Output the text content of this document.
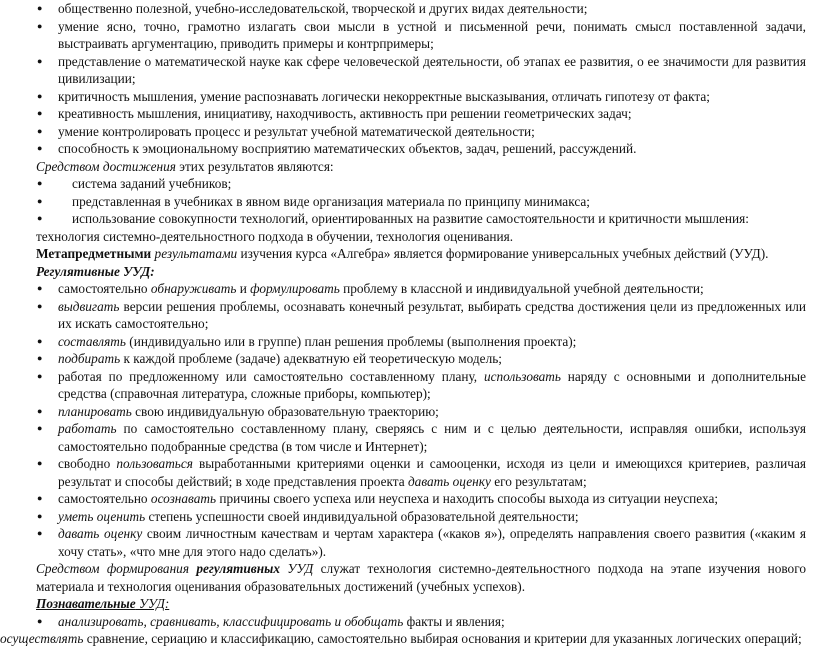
● общественно полезной, учебно-исследовательской, творческой и других видах деятельности;
● умение ясно, точно, грамотно излагать свои мысли в устной и письменной речи, понимать смысл поставленной задачи, выстраивать аргументацию, приводить примеры и контрпримеры;
● представление о математической науке как сфере человеческой деятельности, об этапах ее развития, о ее значимости для развития цивилизации;
● критичность мышления, умение распознавать логически некорректные высказывания, отличать гипотезу от факта;
● креативность мышления, инициативу, находчивость, активность при решении геометрических задач;
● умение контролировать процесс и результат учебной математической деятельности;
● способность к эмоциональному восприятию математических объектов, задач, решений, рассуждений.
Средством достижения этих результатов являются:
● система заданий учебников;
● представленная в учебниках в явном виде организация материала по принципу минимакса;
● использование совокупности технологий, ориентированных на развитие самостоятельности и критичности мышления:
технология системно-деятельностного подхода в обучении, технология оценивания.
Метапредметными результатами изучения курса «Алгебра» является формирование универсальных учебных действий (УУД).
Регулятивные УУД:
● самостоятельно обнаруживать и формулировать проблему в классной и индивидуальной учебной деятельности;
● выдвигать версии решения проблемы, осознавать конечный результат, выбирать средства достижения цели из предложенных или их искать самостоятельно;
● составлять (индивидуально или в группе) план решения проблемы (выполнения проекта);
● подбирать к каждой проблеме (задаче) адекватную ей теоретическую модель;
● работая по предложенному или самостоятельно составленному плану, использовать наряду с основными и дополнительные средства (справочная литература, сложные приборы, компьютер);
● планировать свою индивидуальную образовательную траекторию;
● работать по самостоятельно составленному плану, сверяясь с ним и с целью деятельности, исправляя ошибки, используя самостоятельно подобранные средства (в том числе и Интернет);
● свободно пользоваться выработанными критериями оценки и самооценки, исходя из цели и имеющихся критериев, различая результат и способы действий; в ходе представления проекта давать оценку его результатам;
● самостоятельно осознавать причины своего успеха или неуспеха и находить способы выхода из ситуации неуспеха;
● уметь оценить степень успешности своей индивидуальной образовательной деятельности;
● давать оценку своим личностным качествам и чертам характера («каков я»), определять направления своего развития («каким я хочу стать», «что мне для этого надо сделать»).
Средством формирования регулятивных УУД служат технология системно-деятельностного подхода на этапе изучения нового материала и технология оценивания образовательных достижений (учебных успехов).
Познавательные УУД:
● анализировать, сравнивать, классифицировать и обобщать факты и явления;
осуществлять сравнение, сериацию и классификацию, самостоятельно выбирая основания и критерии для указанных логических операций;
